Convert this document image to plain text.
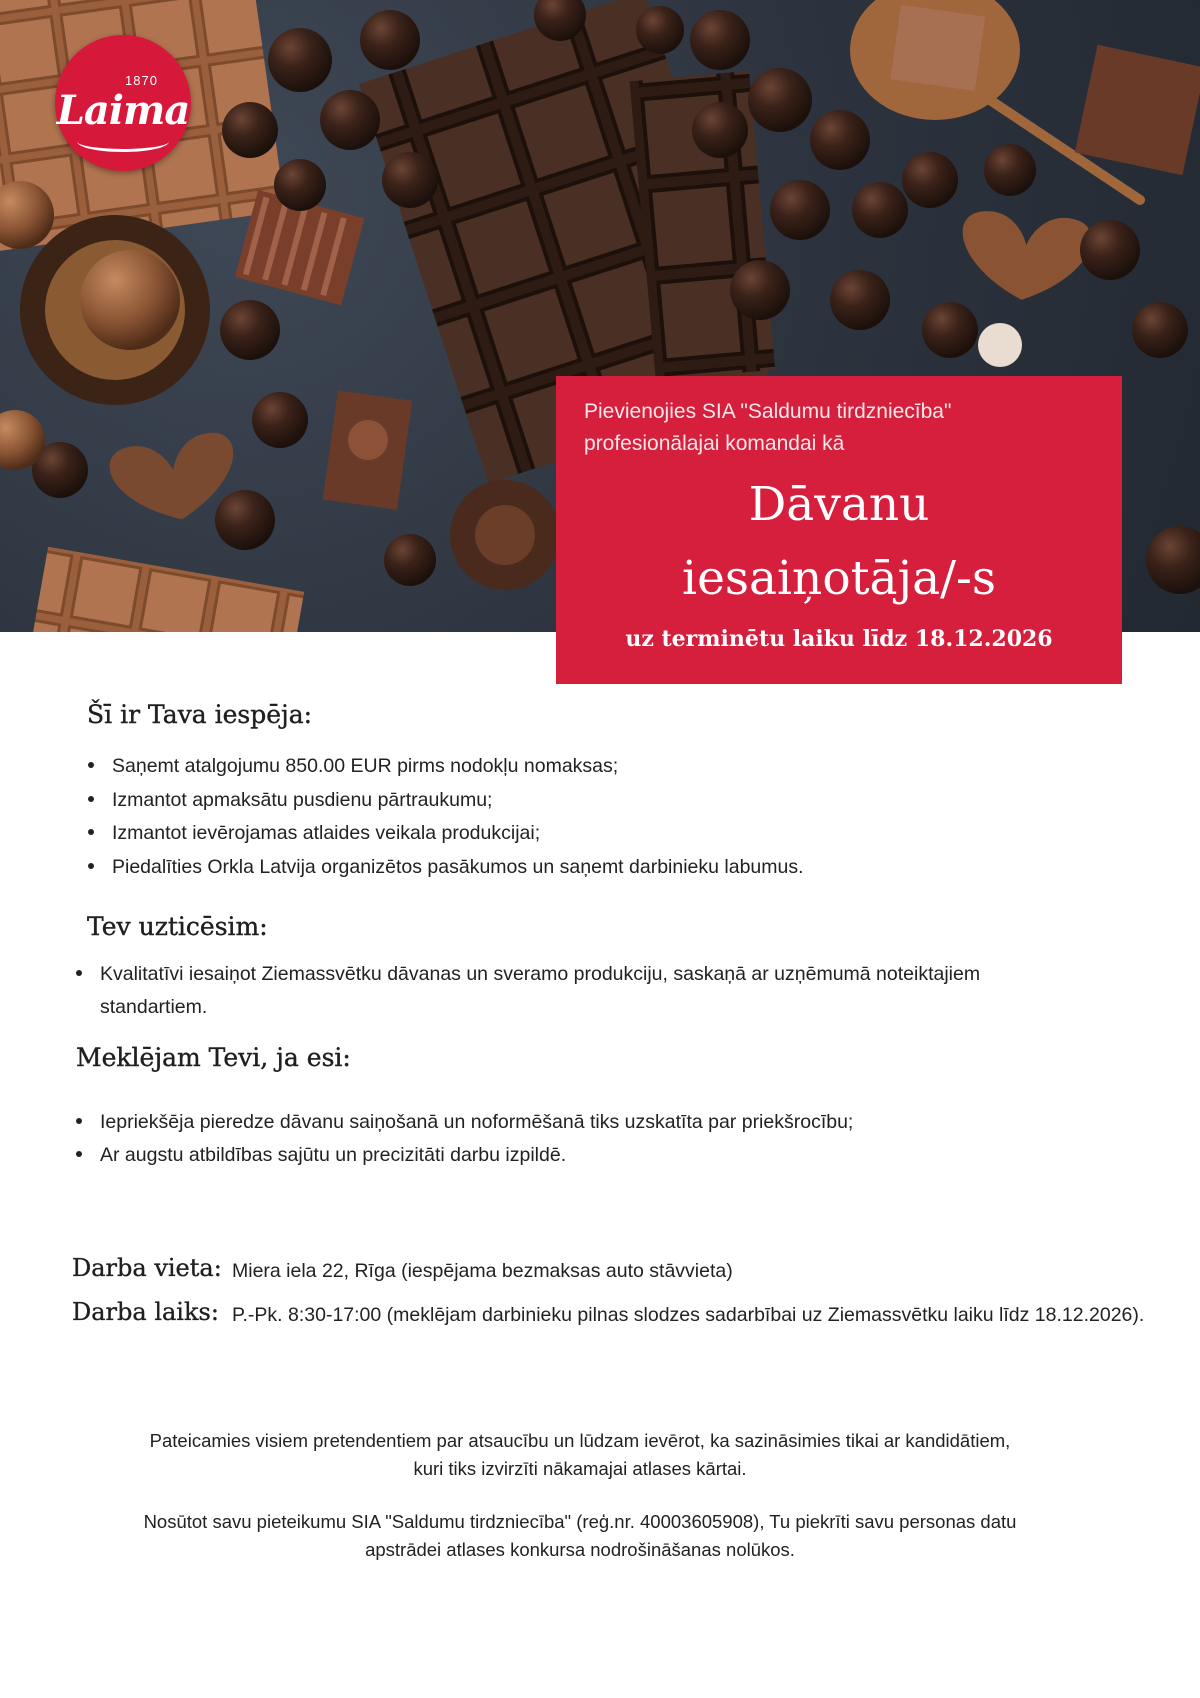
1870
Laima
Pievienojies SIA "Saldumu tirdzniecība"
profesionālajai komandai kā
Dāvanu
iesaiņotāja/-s
uz terminētu laiku līdz 18.12.2026
Šī ir Tava iespēja:
Saņemt atalgojumu 850.00 EUR pirms nodokļu nomaksas;
Izmantot apmaksātu pusdienu pārtraukumu;
Izmantot ievērojamas atlaides veikala produkcijai;
Piedalīties Orkla Latvija organizētos pasākumos un saņemt darbinieku labumus.
Tev uzticēsim:
Kvalitatīvi iesaiņot Ziemassvētku dāvanas un sveramo produkciju, saskaņā ar uzņēmumā noteiktajiem standartiem.
Meklējam Tevi, ja esi:
Iepriekšēja pieredze dāvanu saiņošanā un noformēšanā tiks uzskatīta par priekšrocību;
Ar augstu atbildības sajūtu un precizitāti darbu izpildē.
Darba vieta: Miera iela 22, Rīga (iespējama bezmaksas auto stāvvieta)
Darba laiks: P.-Pk. 8:30-17:00 (meklējam darbinieku pilnas slodzes sadarbībai uz Ziemassvētku laiku līdz 18.12.2026).
Pateicamies visiem pretendentiem par atsaucību un lūdzam ievērot, ka sazināsimies tikai ar kandidātiem, kuri tiks izvirzīti nākamajai atlases kārtai.
Nosūtot savu pieteikumu SIA "Saldumu tirdzniecība" (reģ.nr. 40003605908), Tu piekrīti savu personas datu apstrādei atlases konkursa nodrošināšanas nolūkos.
